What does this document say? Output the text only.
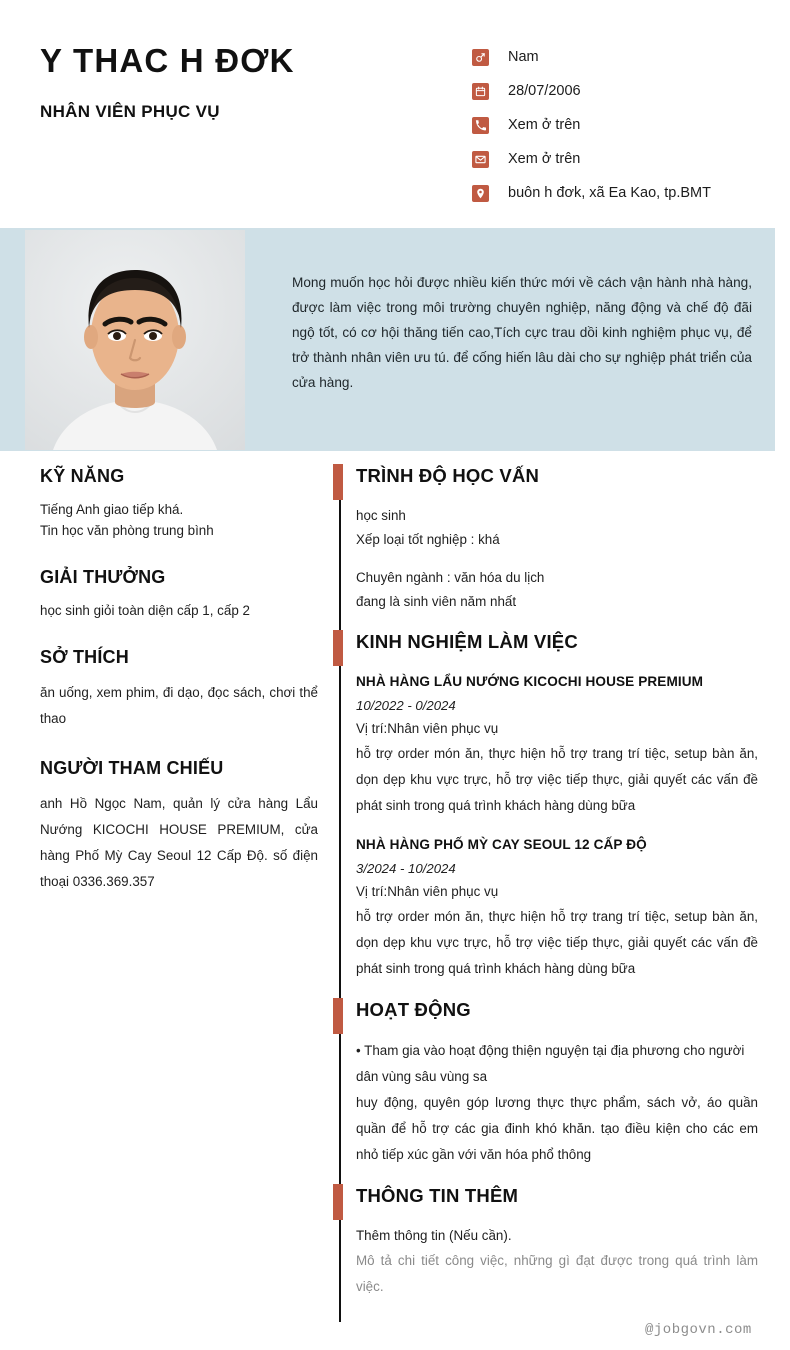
Y THAC H ĐƠK
NHÂN VIÊN PHỤC VỤ
Nam
28/07/2006
Xem ở trên
Xem ở trên
buôn h đơk, xã Ea Kao, tp.BMT
Mong muốn học hỏi được nhiều kiến thức mới về cách vận hành nhà hàng, được làm việc trong môi trường chuyên nghiệp, năng động và chế độ đãi ngộ tốt, có cơ hội thăng tiến cao,Tích cực trau dồi kinh nghiệm phục vụ, để trở thành nhân viên ưu tú. để cống hiến lâu dài cho sự nghiệp phát triển của cửa hàng.
KỸ NĂNG
Tiếng Anh giao tiếp khá.
Tin học văn phòng trung bình
GIẢI THƯỞNG
học sinh giỏi toàn diện cấp 1, cấp 2
SỞ THÍCH
ăn uống, xem phim, đi dạo, đọc sách, chơi thể thao
NGƯỜI THAM CHIẾU
anh Hồ Ngọc Nam, quản lý cửa hàng Lẩu Nướng KICOCHI HOUSE PREMIUM, cửa hàng Phố Mỳ Cay Seoul 12 Cấp Độ. số điện thoại 0336.369.357
TRÌNH ĐỘ HỌC VẤN
học sinh
Xếp loại tốt nghiệp : khá
Chuyên ngành : văn hóa du lịch
đang là sinh viên năm nhất
KINH NGHIỆM LÀM VIỆC
NHÀ HÀNG LẨU NƯỚNG KICOCHI HOUSE PREMIUM
10/2022 - 0/2024
Vị trí:Nhân viên phục vụ
hỗ trợ order món ăn, thực hiện hỗ trợ trang trí tiệc, setup bàn ăn, dọn dẹp khu vực trực, hỗ trợ việc tiếp thực, giải quyết các vấn đề phát sinh trong quá trình khách hàng dùng bữa
NHÀ HÀNG PHỐ MỲ CAY SEOUL 12 CẤP ĐỘ
3/2024 - 10/2024
Vị trí:Nhân viên phục vụ
hỗ trợ order món ăn, thực hiện hỗ trợ trang trí tiệc, setup bàn ăn, dọn dẹp khu vực trực, hỗ trợ việc tiếp thực, giải quyết các vấn đề phát sinh trong quá trình khách hàng dùng bữa
HOẠT ĐỘNG
• Tham gia vào hoạt động thiện nguyện tại địa phương cho người dân vùng sâu vùng sa
huy động, quyên góp lương thực thực phẩm, sách vở, áo quần quần để hỗ trợ các gia đinh khó khăn. tạo điều kiện cho các em nhỏ tiếp xúc gần với văn hóa phổ thông
THÔNG TIN THÊM
Thêm thông tin (Nếu cần).
Mô tả chi tiết công việc, những gì đạt được trong quá trình làm việc.
@jobgovn.com
